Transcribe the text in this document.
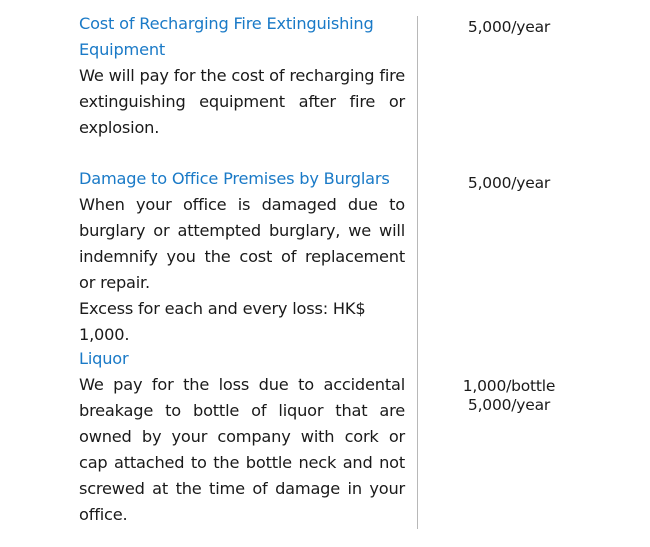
Cost of Recharging Fire Extinguishing Equipment
We will pay for the cost of recharging fire extinguishing equipment after fire or explosion.
5,000/year
Damage to Office Premises by Burglars
When your office is damaged due to burglary or attempted burglary, we will indemnify you the cost of replacement or repair.
Excess for each and every loss: HK$ 1,000.
5,000/year
Liquor
We pay for the loss due to accidental breakage to bottle of liquor that are owned by your company with cork or cap attached to the bottle neck and not screwed at the time of damage in your office.
1,000/bottle
5,000/year
